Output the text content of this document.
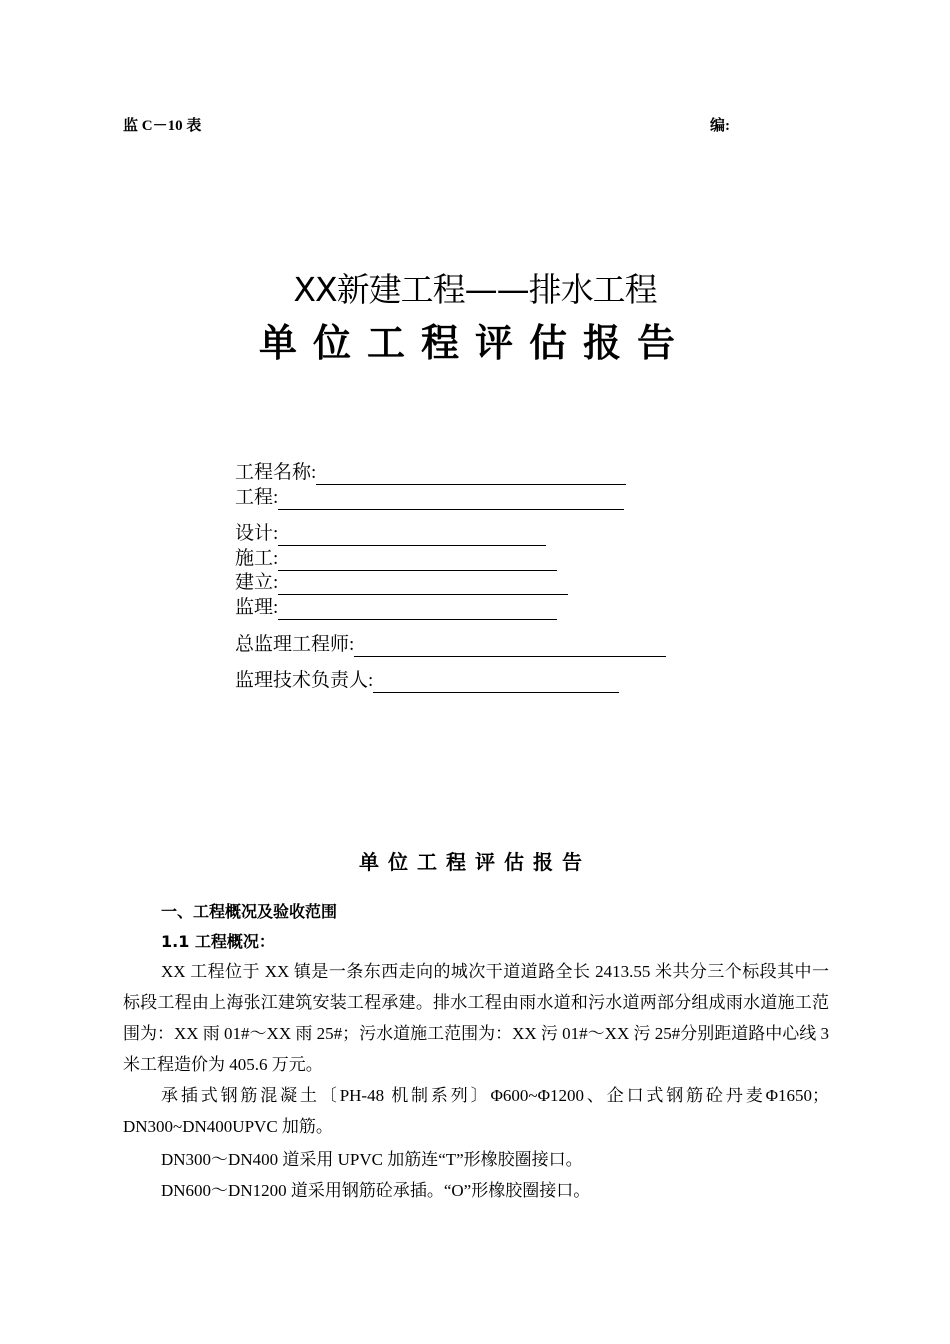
监 C－10 表	编:
XX新建工程——排水工程
单位工程评估报告
工程名称:
工程:
设计:
施工:
建立:
监理:
总监理工程师:
监理技术负责人:
单位工程评估报告
一、工程概况及验收范围
1.1 工程概况：
XX 工程位于 XX 镇是一条东西走向的城次干道道路全长 2413.55 米共分三个标段其中一标段工程由上海张江建筑安装工程承建。排水工程由雨水道和污水道两部分组成雨水道施工范围为：XX 雨 01#～XX 雨 25#；污水道施工范围为：XX 污 01#～XX 污 25#分别距道路中心线 3 米工程造价为 405.6 万元。
承插式钢筋混凝土〔PH-48 机制系列〕Φ600~Φ1200、企口式钢筋砼丹麦Φ1650；DN300~DN400UPVC 加筋。
DN300～DN400 道采用 UPVC 加筋连“T”形橡胶圈接口。
DN600～DN1200 道采用钢筋砼承插。“O”形橡胶圈接口。
